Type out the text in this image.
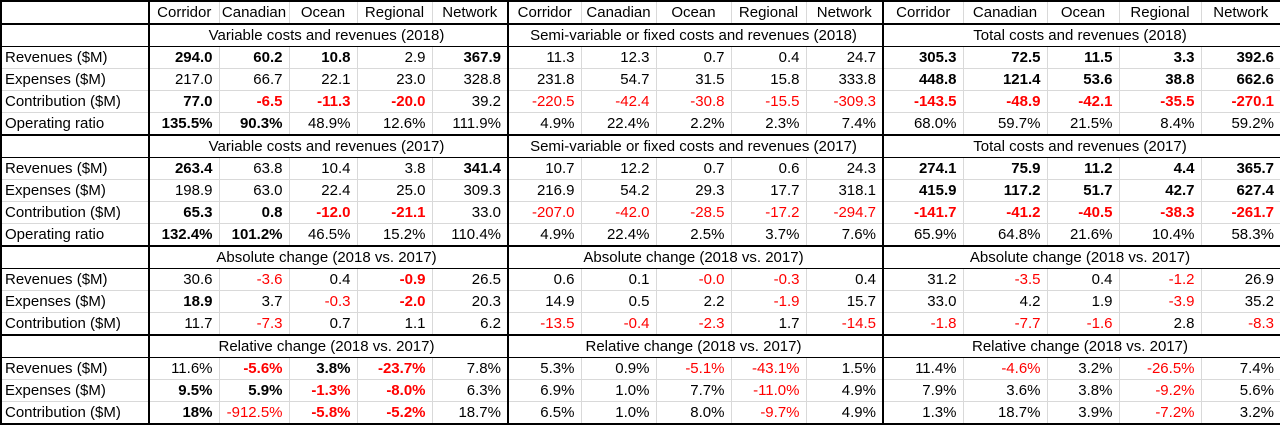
	Corridor	Canadian	Ocean	Regional	Network	Corridor	Canadian	Ocean	Regional	Network	Corridor	Canadian	Ocean	Regional	Network
	Variable costs and revenues (2018)					Semi-variable or fixed costs and revenues (2018)					Total costs and revenues (2018)				
Revenues ($M)	294.0	60.2	10.8	2.9	367.9	11.3	12.3	0.7	0.4	24.7	305.3	72.5	11.5	3.3	392.6
Expenses ($M)	217.0	66.7	22.1	23.0	328.8	231.8	54.7	31.5	15.8	333.8	448.8	121.4	53.6	38.8	662.6
Contribution ($M)	77.0	-6.5	-11.3	-20.0	39.2	-220.5	-42.4	-30.8	-15.5	-309.3	-143.5	-48.9	-42.1	-35.5	-270.1
Operating ratio	135.5%	90.3%	48.9%	12.6%	111.9%	4.9%	22.4%	2.2%	2.3%	7.4%	68.0%	59.7%	21.5%	8.4%	59.2%
	Variable costs and revenues (2017)					Semi-variable or fixed costs and revenues (2017)					Total costs and revenues (2017)				
Revenues ($M)	263.4	63.8	10.4	3.8	341.4	10.7	12.2	0.7	0.6	24.3	274.1	75.9	11.2	4.4	365.7
Expenses ($M)	198.9	63.0	22.4	25.0	309.3	216.9	54.2	29.3	17.7	318.1	415.9	117.2	51.7	42.7	627.4
Contribution ($M)	65.3	0.8	-12.0	-21.1	33.0	-207.0	-42.0	-28.5	-17.2	-294.7	-141.7	-41.2	-40.5	-38.3	-261.7
Operating ratio	132.4%	101.2%	46.5%	15.2%	110.4%	4.9%	22.4%	2.5%	3.7%	7.6%	65.9%	64.8%	21.6%	10.4%	58.3%
	Absolute change (2018 vs. 2017)					Absolute change (2018 vs. 2017)					Absolute change (2018 vs. 2017)				
Revenues ($M)	30.6	-3.6	0.4	-0.9	26.5	0.6	0.1	-0.0	-0.3	0.4	31.2	-3.5	0.4	-1.2	26.9
Expenses ($M)	18.9	3.7	-0.3	-2.0	20.3	14.9	0.5	2.2	-1.9	15.7	33.0	4.2	1.9	-3.9	35.2
Contribution ($M)	11.7	-7.3	0.7	1.1	6.2	-13.5	-0.4	-2.3	1.7	-14.5	-1.8	-7.7	-1.6	2.8	-8.3
	Relative change (2018 vs. 2017)					Relative change (2018 vs. 2017)					Relative change (2018 vs. 2017)				
Revenues ($M)	11.6%	-5.6%	3.8%	-23.7%	7.8%	5.3%	0.9%	-5.1%	-43.1%	1.5%	11.4%	-4.6%	3.2%	-26.5%	7.4%
Expenses ($M)	9.5%	5.9%	-1.3%	-8.0%	6.3%	6.9%	1.0%	7.7%	-11.0%	4.9%	7.9%	3.6%	3.8%	-9.2%	5.6%
Contribution ($M)	18%	-912.5%	-5.8%	-5.2%	18.7%	6.5%	1.0%	8.0%	-9.7%	4.9%	1.3%	18.7%	3.9%	-7.2%	3.2%
